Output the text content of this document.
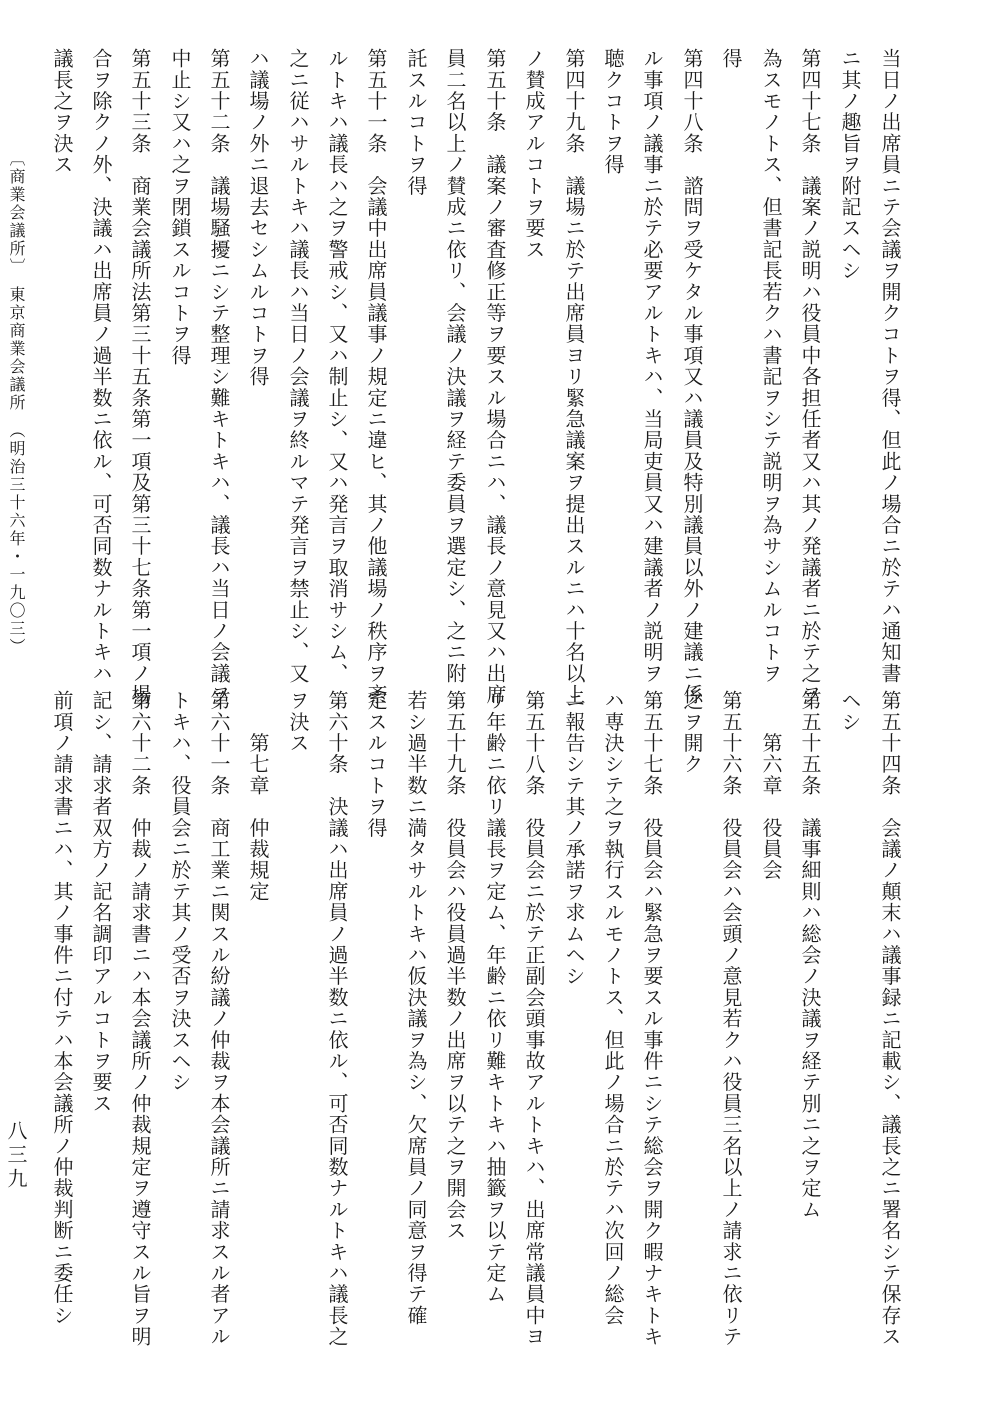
当日ノ出席員ニテ会議ヲ開クコトヲ得、但此ノ場合ニ於テハ通知書
ニ其ノ趣旨ヲ附記スヘシ
第四十七条　議案ノ説明ハ役員中各担任者又ハ其ノ発議者ニ於テ之ヲ
為スモノトス、但書記長若クハ書記ヲシテ説明ヲ為サシムルコトヲ
得
第四十八条　諮問ヲ受ケタル事項又ハ議員及特別議員以外ノ建議ニ係
ル事項ノ議事ニ於テ必要アルトキハ、当局吏員又ハ建議者ノ説明ヲ
聴クコトヲ得
第四十九条　議場ニ於テ出席員ヨリ緊急議案ヲ提出スルニハ十名以上
ノ賛成アルコトヲ要ス
第五十条　議案ノ審査修正等ヲ要スル場合ニハ、議長ノ意見又ハ出席
員二名以上ノ賛成ニ依リ、会議ノ決議ヲ経テ委員ヲ選定シ、之ニ附
託スルコトヲ得
第五十一条　会議中出席員議事ノ規定ニ違ヒ、其ノ他議場ノ秩序ヲ紊
ルトキハ議長ハ之ヲ警戒シ、又ハ制止シ、又ハ発言ヲ取消サシム、
之ニ従ハサルトキハ議長ハ当日ノ会議ヲ終ルマテ発言ヲ禁止シ、又
ハ議場ノ外ニ退去セシムルコトヲ得
第五十二条　議場騒擾ニシテ整理シ難キトキハ、議長ハ当日ノ会議ヲ
中止シ又ハ之ヲ閉鎖スルコトヲ得
第五十三条　商業会議所法第三十五条第一項及第三十七条第一項ノ場
合ヲ除クノ外、決議ハ出席員ノ過半数ニ依ル、可否同数ナルトキハ
議長之ヲ決ス
第五十四条　会議ノ顛末ハ議事録ニ記載シ、議長之ニ署名シテ保存ス
ヘシ
第五十五条　議事細則ハ総会ノ決議ヲ経テ別ニ之ヲ定ム
　　第六章　役員会
第五十六条　役員会ハ会頭ノ意見若クハ役員三名以上ノ請求ニ依リテ
之ヲ開ク
第五十七条　役員会ハ緊急ヲ要スル事件ニシテ総会ヲ開ク暇ナキトキ
ハ専決シテ之ヲ執行スルモノトス、但此ノ場合ニ於テハ次回ノ総会
ニ報告シテ其ノ承諾ヲ求ムヘシ
第五十八条　役員会ニ於テ正副会頭事故アルトキハ、出席常議員中ヨ
リ年齢ニ依リ議長ヲ定ム、年齢ニ依リ難キトキハ抽籤ヲ以テ定ム
第五十九条　役員会ハ役員過半数ノ出席ヲ以テ之ヲ開会ス
若シ過半数ニ満タサルトキハ仮決議ヲ為シ、欠席員ノ同意ヲ得テ確
定スルコトヲ得
第六十条　決議ハ出席員ノ過半数ニ依ル、可否同数ナルトキハ議長之
ヲ決ス
　　第七章　仲裁規定
第六十一条　商工業ニ関スル紛議ノ仲裁ヲ本会議所ニ請求スル者アル
トキハ、役員会ニ於テ其ノ受否ヲ決スヘシ
第六十二条　仲裁ノ請求書ニハ本会議所ノ仲裁規定ヲ遵守スル旨ヲ明
記シ、請求者双方ノ記名調印アルコトヲ要ス
前項ノ請求書ニハ、其ノ事件ニ付テハ本会議所ノ仲裁判断ニ委任シ
〔商業会議所〕　東京商業会議所　（明治三十六年・一九〇三）
八三九
